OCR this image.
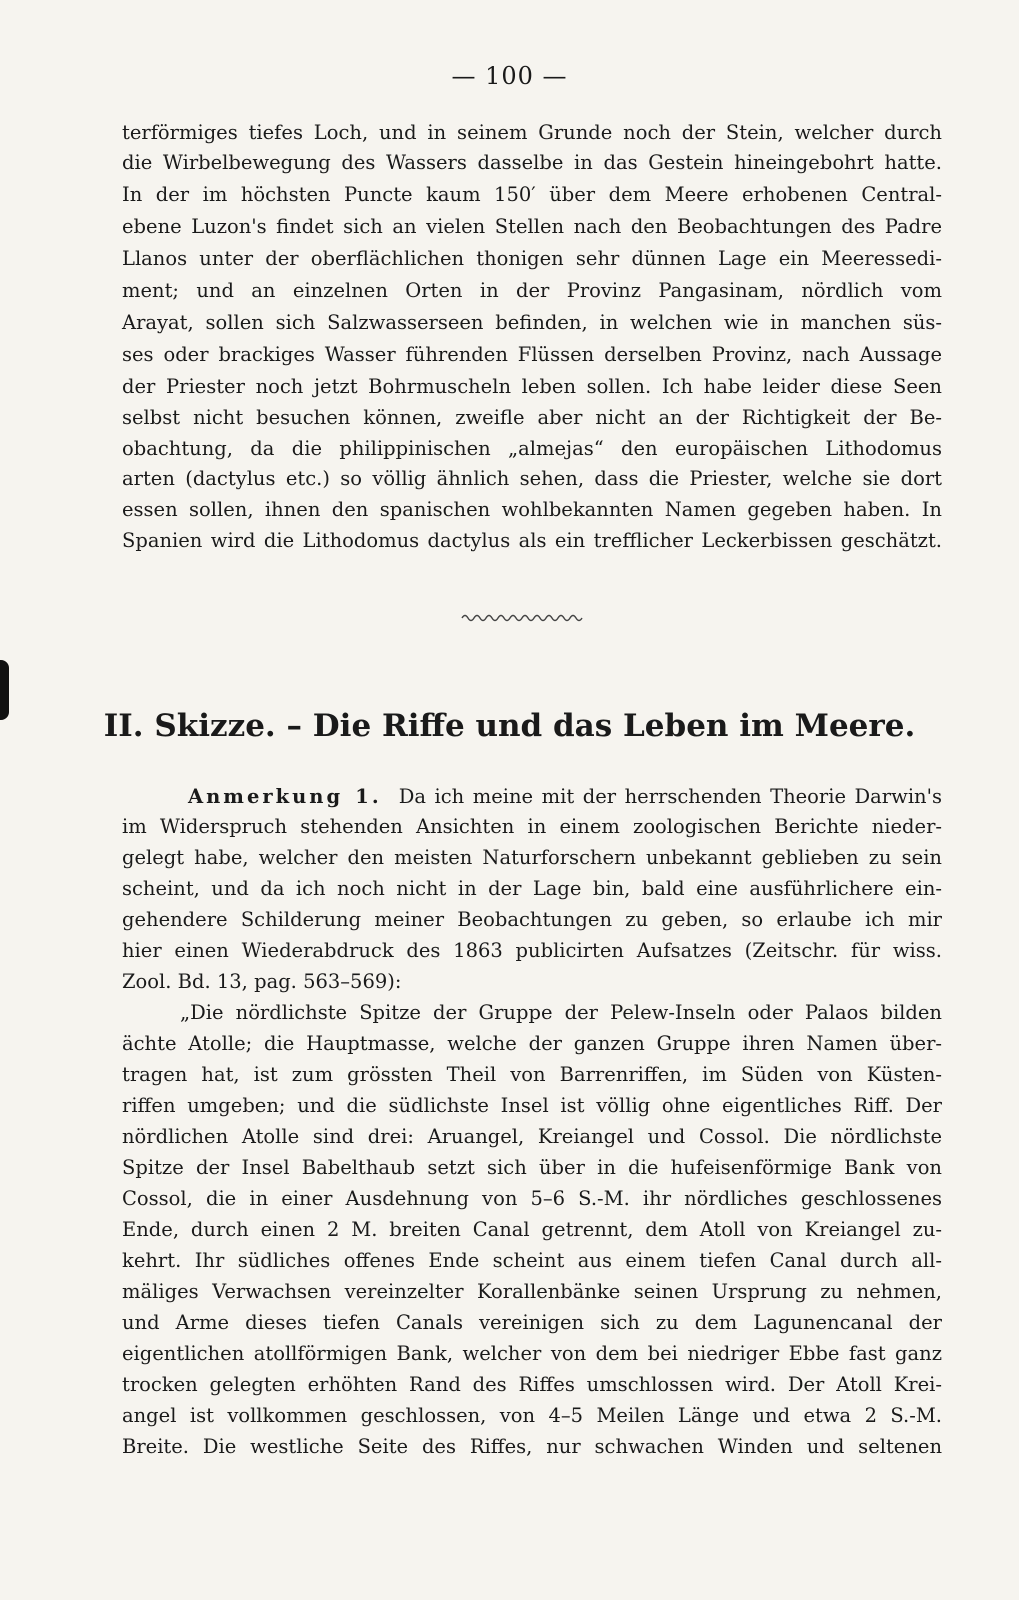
— 100 —
terförmiges tiefes Loch, und in seinem Grunde noch der Stein, welcher durch
die Wirbelbewegung des Wassers dasselbe in das Gestein hineingebohrt hatte.
In der im höchsten Puncte kaum 150′ über dem Meere erhobenen Central-
ebene Luzon's findet sich an vielen Stellen nach den Beobachtungen des Padre
Llanos unter der oberflächlichen thonigen sehr dünnen Lage ein Meeressedi-
ment; und an einzelnen Orten in der Provinz Pangasinam, nördlich vom
Arayat, sollen sich Salzwasserseen befinden, in welchen wie in manchen süs-
ses oder brackiges Wasser führenden Flüssen derselben Provinz, nach Aussage
der Priester noch jetzt Bohrmuscheln leben sollen. Ich habe leider diese Seen
selbst nicht besuchen können, zweifle aber nicht an der Richtigkeit der Be-
obachtung, da die philippinischen „almejas“ den europäischen Lithodomus
arten (dactylus etc.) so völlig ähnlich sehen, dass die Priester, welche sie dort
essen sollen, ihnen den spanischen wohlbekannten Namen gegeben haben. In
Spanien wird die Lithodomus dactylus als ein trefflicher Leckerbissen geschätzt.
II. Skizze. – Die Riffe und das Leben im Meere.
Anmerkung 1. Da ich meine mit der herrschenden Theorie Darwin's
im Widerspruch stehenden Ansichten in einem zoologischen Berichte nieder-
gelegt habe, welcher den meisten Naturforschern unbekannt geblieben zu sein
scheint, und da ich noch nicht in der Lage bin, bald eine ausführlichere ein-
gehendere Schilderung meiner Beobachtungen zu geben, so erlaube ich mir
hier einen Wiederabdruck des 1863 publicirten Aufsatzes (Zeitschr. für wiss.
Zool. Bd. 13, pag. 563–569):
„Die nördlichste Spitze der Gruppe der Pelew-Inseln oder Palaos bilden
ächte Atolle; die Hauptmasse, welche der ganzen Gruppe ihren Namen über-
tragen hat, ist zum grössten Theil von Barrenriffen, im Süden von Küsten-
riffen umgeben; und die südlichste Insel ist völlig ohne eigentliches Riff. Der
nördlichen Atolle sind drei: Aruangel, Kreiangel und Cossol. Die nördlichste
Spitze der Insel Babelthaub setzt sich über in die hufeisenförmige Bank von
Cossol, die in einer Ausdehnung von 5–6 S.-M. ihr nördliches geschlossenes
Ende, durch einen 2 M. breiten Canal getrennt, dem Atoll von Kreiangel zu-
kehrt. Ihr südliches offenes Ende scheint aus einem tiefen Canal durch all-
mäliges Verwachsen vereinzelter Korallenbänke seinen Ursprung zu nehmen,
und Arme dieses tiefen Canals vereinigen sich zu dem Lagunencanal der
eigentlichen atollförmigen Bank, welcher von dem bei niedriger Ebbe fast ganz
trocken gelegten erhöhten Rand des Riffes umschlossen wird. Der Atoll Krei-
angel ist vollkommen geschlossen, von 4–5 Meilen Länge und etwa 2 S.-M.
Breite. Die westliche Seite des Riffes, nur schwachen Winden und seltenen
